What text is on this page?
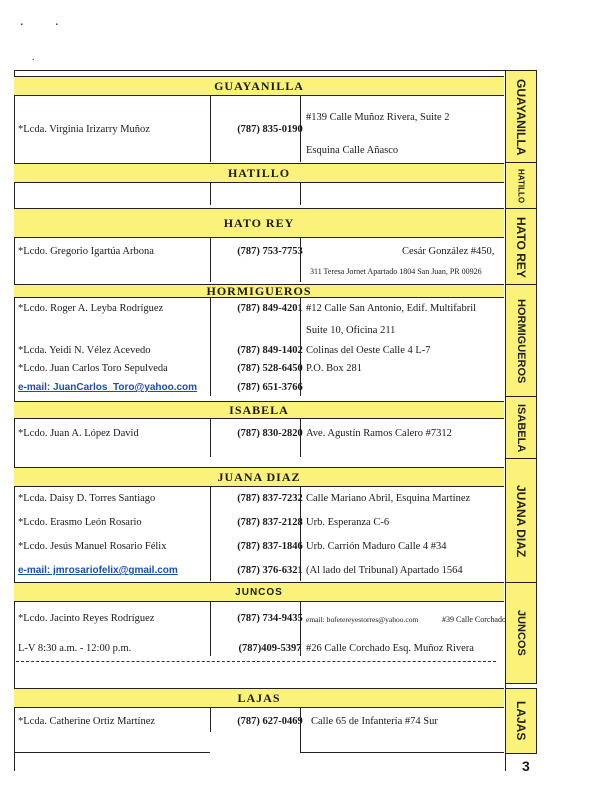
. .
.
GUAYANILLA
HATILLO
HATO REY
HORMIGUEROS
ISABELA
JUANA DIAZ
JUNCOS
LAJAS
GUAYANILLA
*Lcda. Virginia Irizarry Muñoz	(787) 835-0190
#139 Calle Muñoz Rivera, Suite 2
Esquina Calle Añasco
HATILLO
HATO REY
*Lcdo. Gregorio Igartúa Arbona	(787) 753-7753	Cesár González #450,
311 Teresa Jornet Apartado 1804 San Juan, PR 00926
HORMIGUEROS
*Lcdo. Roger A. Leyba Rodríguez	(787) 849-4201 #12 Calle San Antonio, Edif. Multifabril
Suite 10, Oficina 211
*Lcda. Yeidi N. Vélez Acevedo	(787) 849-1402 Colinas del Oeste Calle 4 L-7
*Lcdo. Juan Carlos Toro Sepulveda	(787) 528-6450 P.O. Box 281
e-mail: JuanCarlos_Toro@yahoo.com	(787) 651-3766
ISABELA
*Lcdo. Juan A. López David	(787) 830-2820 Ave. Agustín Ramos Calero #7312
JUANA DIAZ
*Lcda. Daisy D. Torres Santiago	(787) 837-7232 Calle Mariano Abril, Esquina Martínez
*Lcdo. Erasmo León Rosario	(787) 837-2128 Urb. Esperanza C-6
*Lcdo. Jesús Manuel Rosario Félix	(787) 837-1846 Urb. Carrión Maduro Calle 4 #34
e-mail: jmrosariofelix@gmail.com	(787) 376-6321 (Al lado del Tribunal) Apartado 1564
JUNCOS
*Lcdo. Jacinto Reyes Rodríguez	(787) 734-9435 email: bufetereyestorres@yahoo.com	#39 Calle Corchado
L-V 8:30 a.m. - 12:00 p.m.	(787)409-5397 #26 Calle Corchado Esq. Muñoz Rivera
LAJAS
*Lcda. Catherine Ortiz Martínez	(787) 627-0469 Calle 65 de Infantería #74 Sur
3
